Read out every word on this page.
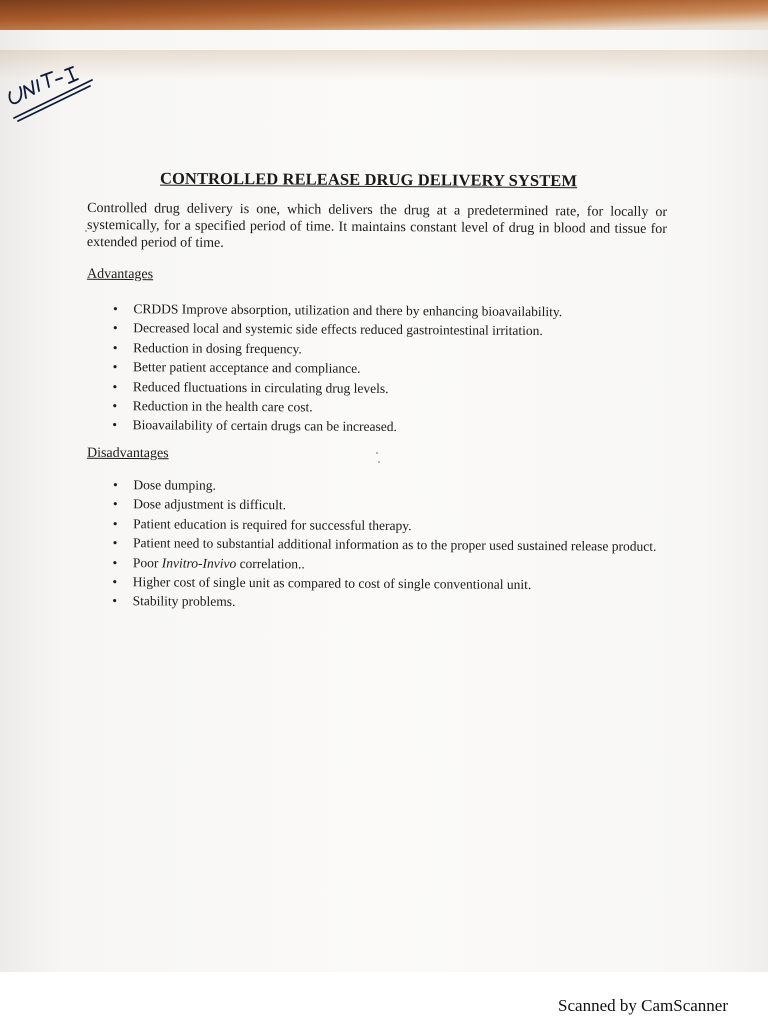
CONTROLLED RELEASE DRUG DELIVERY SYSTEM
Controlled drug delivery is one, which delivers the drug at a predetermined rate, for locally or systemically, for a specified period of time. It maintains constant level of drug in blood and tissue for extended period of time.
Advantages
• CRDDS Improve absorption, utilization and there by enhancing bioavailability.
• Decreased local and systemic side effects reduced gastrointestinal irritation.
• Reduction in dosing frequency.
• Better patient acceptance and compliance.
• Reduced fluctuations in circulating drug levels.
• Reduction in the health care cost.
• Bioavailability of certain drugs can be increased.
Disadvantages
• Dose dumping.
• Dose adjustment is difficult.
• Patient education is required for successful therapy.
• Patient need to substantial additional information as to the proper used sustained release product.
• Poor Invitro-Invivo correlation..
• Higher cost of single unit as compared to cost of single conventional unit.
• Stability problems.
Scanned by CamScanner
